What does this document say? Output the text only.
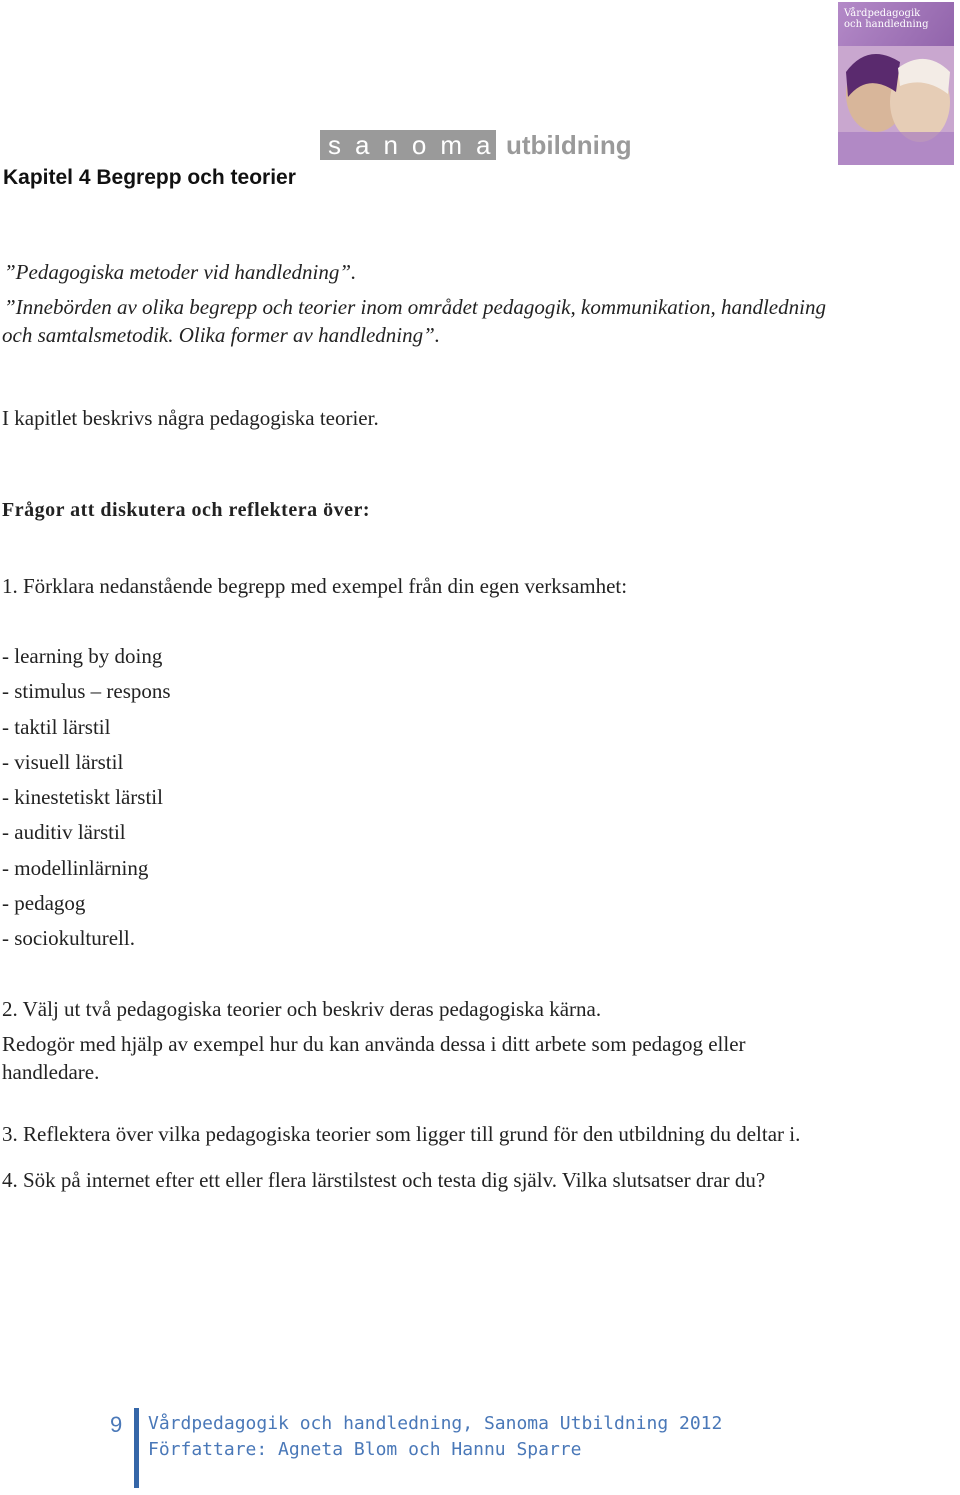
Kapitel 4 Begrepp och teorier
sanoma utbildning
Vårdpedagogik
och handledning
”Pedagogiska metoder vid handledning”.
”Innebörden av olika begrepp och teorier inom området pedagogik, kommunikation, handledning
och samtalsmetodik. Olika former av handledning”.
I kapitlet beskrivs några pedagogiska teorier.
Frågor att diskutera och reflektera över:
1. Förklara nedanstående begrepp med exempel från din egen verksamhet:
- learning by doing
- stimulus – respons
- taktil lärstil
- visuell lärstil
- kinestetiskt lärstil
- auditiv lärstil
- modellinlärning
- pedagog
- sociokulturell.
2. Välj ut två pedagogiska teorier och beskriv deras pedagogiska kärna.
Redogör med hjälp av exempel hur du kan använda dessa i ditt arbete som pedagog eller
handledare.
3. Reflektera över vilka pedagogiska teorier som ligger till grund för den utbildning du deltar i.
4. Sök på internet efter ett eller flera lärstilstest och testa dig själv. Vilka slutsatser drar du?
9 Vårdpedagogik och handledning, Sanoma Utbildning 2012
Författare: Agneta Blom och Hannu Sparre
